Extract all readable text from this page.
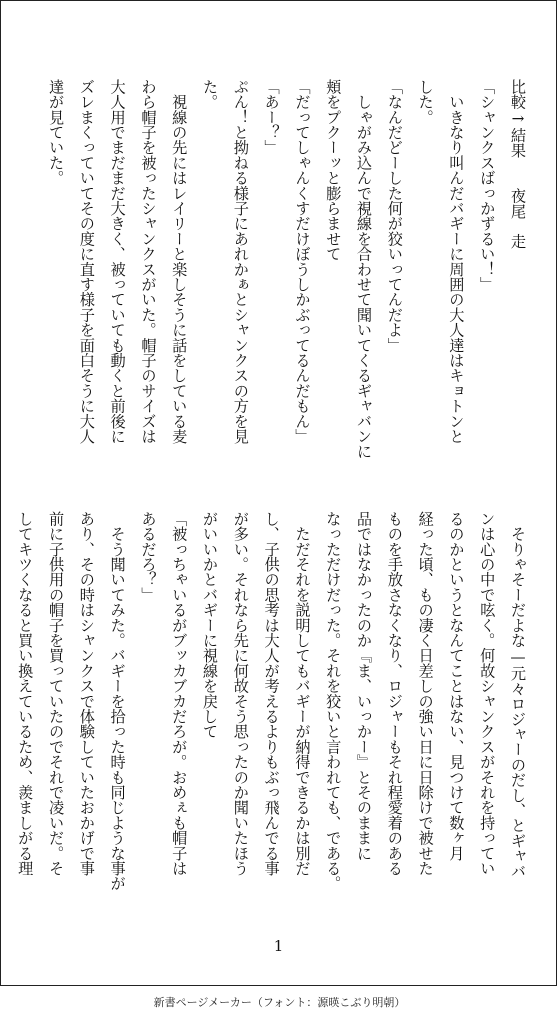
比較→結果　　夜尾　走
「シャンクスばっかずるい！」
　いきなり叫んだバギーに周囲の大人達はキョトンと
した。
「なんだどーした何が狡いってんだよ」
　しゃがみ込んで視線を合わせて聞いてくるギャバンに
頬をプクーッと膨らませて
「だってしゃんくすだけぼうしかぶってるんだもん」
「あー？」
ぷん！と拗ねる様子にあれかぁとシャンクスの方を見
た。
　視線の先にはレイリーと楽しそうに話をしている麦
わら帽子を被ったシャンクスがいた。帽子のサイズは
大人用でまだまだ大きく、被っていても動くと前後に
ズレまくっていてその度に直す様子を面白そうに大人
達が見ていた。
　そりゃそーだよな—元々ロジャーのだし、とギャバ
ンは心の中で呟く。何故シャンクスがそれを持ってい
るのかというとなんてことはない、見つけて数ヶ月
経った頃、もの凄く日差しの強い日に日除けで被せた
ものを手放さなくなり、ロジャーもそれ程愛着のある
品ではなかったのか『ま、いっかー』とそのままに
なっただけだった。それを狡いと言われても、である。
　ただそれを説明してもバギーが納得できるかは別だ
し、子供の思考は大人が考えるよりもぶっ飛んでる事
が多い。それなら先に何故そう思ったのか聞いたほう
がいいかとバギーに視線を戻して
「被っちゃいるがブッカブカだろが。おめぇも帽子は
あるだろ？」
　そう聞いてみた。バギーを拾った時も同じような事が
あり、その時はシャンクスで体験していたおかげで事
前に子供用の帽子を買っていたのでそれで凌いだ。そ
してキツくなると買い換えているため、羨ましがる理
1
新書ページメーカー（フォント：源暎こぶり明朝）
